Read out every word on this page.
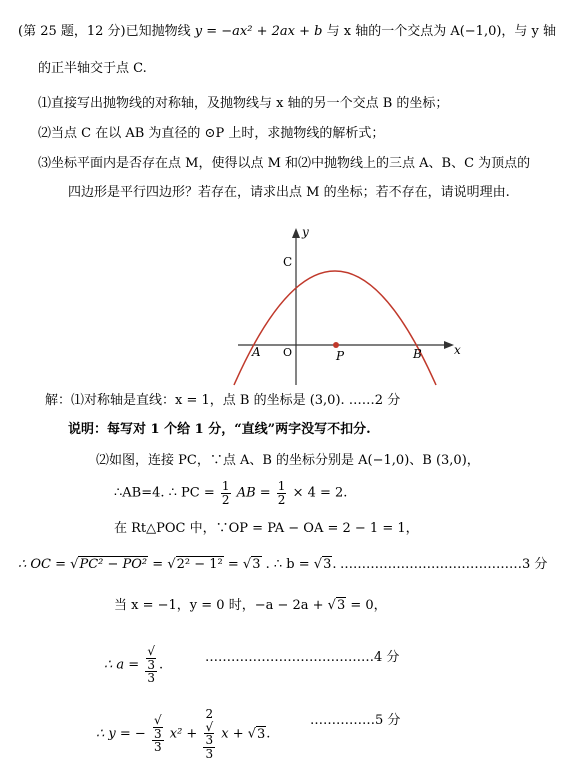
(第 25 题，12 分)已知抛物线 y = −ax² + 2ax + b 与 x 轴的一个交点为 A(−1,0)，与 y 轴
的正半轴交于点 C.
⑴直接写出抛物线的对称轴，及抛物线与 x 轴的另一个交点 B 的坐标；
⑵当点 C 在以 AB 为直径的 ⊙P 上时，求抛物线的解析式；
⑶坐标平面内是否存在点 M，使得以点 M 和⑵中抛物线上的三点 A、B、C 为顶点的
四边形是平行四边形？若存在，请求出点 M 的坐标；若不存在，请说明理由.
y
x
C
O
A	P	B
解：⑴对称轴是直线：x = 1，点 B 的坐标是 (3,0). ……2 分
说明：每写对 1 个给 1 分，“直线”两字没写不扣分.
⑵如图，连接 PC，∵点 A、B 的坐标分别是 A(−1,0)、B (3,0)，
∴AB=4. ∴ PC = $\frac{1}{2}$ AB = $\frac{1}{2} \times 4 = 2$.
在 Rt△POC 中，∵OP = PA − OA = 2 − 1 = 1，
∴ OC = √PC² − PO² = √2² − 1² = √3 . ∴ b = √3. ……………………………………3 分
当 x = −1，y = 0 时，−a − 2a + √3 = 0，
∴ a = √
3
3 .	…………………………………4 分
∴ y = − √
3
3 x² + 2
√
3
3 x + √3.
……………5 分
